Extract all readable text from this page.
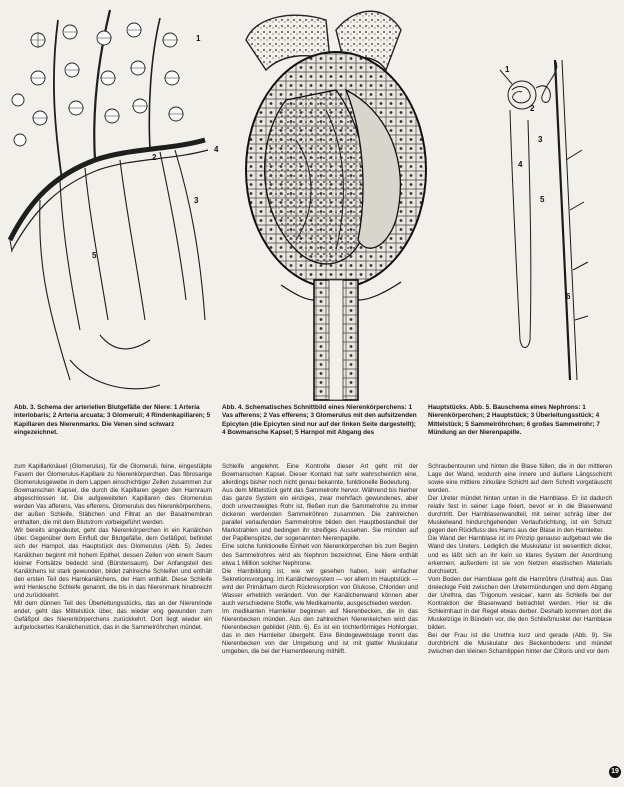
2
5
1
4
3
1
2
3
4
5
6
Abb. 3. Schema der arteriellen Blutgefäße der Niere: 1 Arteria interlobaris; 2 Arteria arcuata; 3 Glomeruli; 4 Rindenkapillaren; 5 Kapillaren des Nierenmarks. Die Venen sind schwarz eingezeichnet.
Abb. 4. Schematisches Schnittbild eines Nierenkörperchens: 1 Vas afferens; 2 Vas efferens; 3 Glomerulus mit den aufsitzenden Epicyten (die Epicyten sind nur auf der linken Seite dargestellt); 4 Bowmansche Kapsel; 5 Harnpol mit Abgang des
Hauptstücks. Abb. 5. Bauschema eines Nephrons: 1 Nierenkörperchen; 2 Hauptstück; 3 Überleitungsstück; 4 Mittelstück; 5 Sammelröhrchen; 6 großes Sammelrohr; 7 Mündung an der Nierenpapille.

zum Kapillarknäuel (Glomerulus), für die Glomeruli, feine, eingestülpte Fasern der Glomerulus-Kapillare zu Nierenkörperchen. Das fibrosarige Glomerulusgewebe in dem Lappen einschichtiger Zellen zusammen zur Bowmanschen Kapsel, die durch die Kapillaren gegen den Harnraum abgeschlossen ist. Die aufgeweiteten Kapillaren des Glomerulus werden Vas afferens, Vas efferens, Glomerulus des Nierenkörperchens, der außen Schleife, Stäbchen und Filtrat an der Basalmembran enthalten, die mit dem Blutstrom vorbeigeführt werden.

Wir bereits angedeutet, geht das Nierenkörperchen in ein Kanälchen über. Gegenüber dem Einfluß der Blutgefäße, dem Gefäßpol, befindet sich der Harnpol, das Hauptstück des Glomerulus (Abb. 5). Jedes Kanälchen beginnt mit hohem Epithel, dessen Zellen von einem Saum kleiner Fortsätze bedeckt sind (Bürstensaum). Der Anfangsteil des Kanälchens ist stark gewunden, bildet zahlreiche Schleifen und enthält den ersten Teil des Harnkanälchens, der Harn enthält. Diese Schleife wird Henlesche Schleife genannt, die bis in das Nierenmark hinabreicht und zurückkehrt.

Mit dem dünnen Teil des Überleitungsstücks, das an der Nierenrinde endet, geht das Mittelstück über, das wieder eng gewunden zum Gefäßpol des Nierenkörperchens zurückkehrt. Dort liegt wieder ein aufgelockertes Kanälchenstück, das in die Sammelröhrchen mündet.

Schleife angelehnt. Eine Kontrolle dieser Art geht mit der Bowmanschen Kapsel. Dieser Kontakt hat sehr wahrscheinlich eine, allerdings bisher noch nicht genau bekannte, funktionelle Bedeutung.

Aus dem Mittelstück geht das Sammelrohr hervor. Während bis hierher das ganze System ein einziges, zwar mehrfach gewundenes, aber doch unverzweigtes Rohr ist, fließen nun die Sammelrohre zu immer dickeren werdenden Sammelröhren zusammen. Die zahlreichen parallel verlaufenden Sammelrohre bilden den Hauptbestandteil der Markstrahlen und bedingen ihr streifiges Aussehen. Sie münden auf der Papillenspitze, der sogenannten Nierenpapille.

Eine solche funktionelle Einheit von Nierenkörperchen bis zum Beginn des Sammelrohres wird als Nephron bezeichnet. Eine Niere enthält etwa 1 Million solcher Nephrone.

Die Harnbildung ist, wie wir gesehen haben, kein einfacher Sekretionsvorgang. Im Kanälchensystem — vor allem im Hauptstück — wird der Primärharn durch Rückresorption von Glukose, Chloriden und Wasser erheblich verändert. Von der Kanälchenwand können aber auch verschiedene Stoffe, wie Medikamente, ausgeschieden werden.

Im medikanten Harnleiter beginnen auf Nierenbecken, die in das Nierenbecken münden. Aus den zahlreichen Nierenkelchen wird das Nierenbecken gebildet (Abb. 6). Es ist ein trichterförmiges Hohlorgan, das in den Harnleiter übergeht. Eine Bindegewebslage trennt das Nierenbecken von der Umgebung und ist mit glatter Muskulatur umgeben, die bei der Harnentleerung mithilft.

Schraubentouren und hinten die Blase füllen, die in der mittleren Lage der Wand, wodurch eine innere und äußere Längsschicht sowie eine mittlere zirkuläre Schicht auf dem Schnitt vorgetäuscht werden.

Der Ureter mündet hinten unten in die Harnblase. Er ist dadurch relativ fest in seiner Lage fixiert, bevor er in die Blasenwand durchtritt. Der Harnblasenwandteil, mit seiner schräg über der Muskelwand hindurchgehenden Verlaufsrichtung, ist ein Schutz gegen den Rückfluss des Harns aus der Blase in den Harnleiter.

Die Wand der Harnblase ist im Prinzip genauso aufgebaut wie die Wand des Ureters. Lediglich die Muskulatur ist wesentlich dicker, und es läßt sich an ihr kein so klares System der Anordnung erkennen; außerdem ist sie von Netzen elastischen Materials durchsetzt.

Vom Boden der Harnblase geht die Harnröhre (Urethra) aus. Das dreieckige Feld zwischen den Uretermündungen und dem Abgang der Urethra, das 'Trigonum vesicae', kann als Schleife bei der Kontraktion der Blasenwand betrachtet werden. Hier ist die Schleimhaut in der Regel etwas derber. Deshalb kommen dort die Muskelzüge in Bündeln vor, die den Schließmuskel der Harnblase bilden.

Bei der Frau ist die Urethra kurz und gerade (Abb. 9). Sie durchbricht die Muskulatur des Beckenbodens und mündet zwischen den kleinen Schamlippen hinter der Clitoris und vor dem

19
